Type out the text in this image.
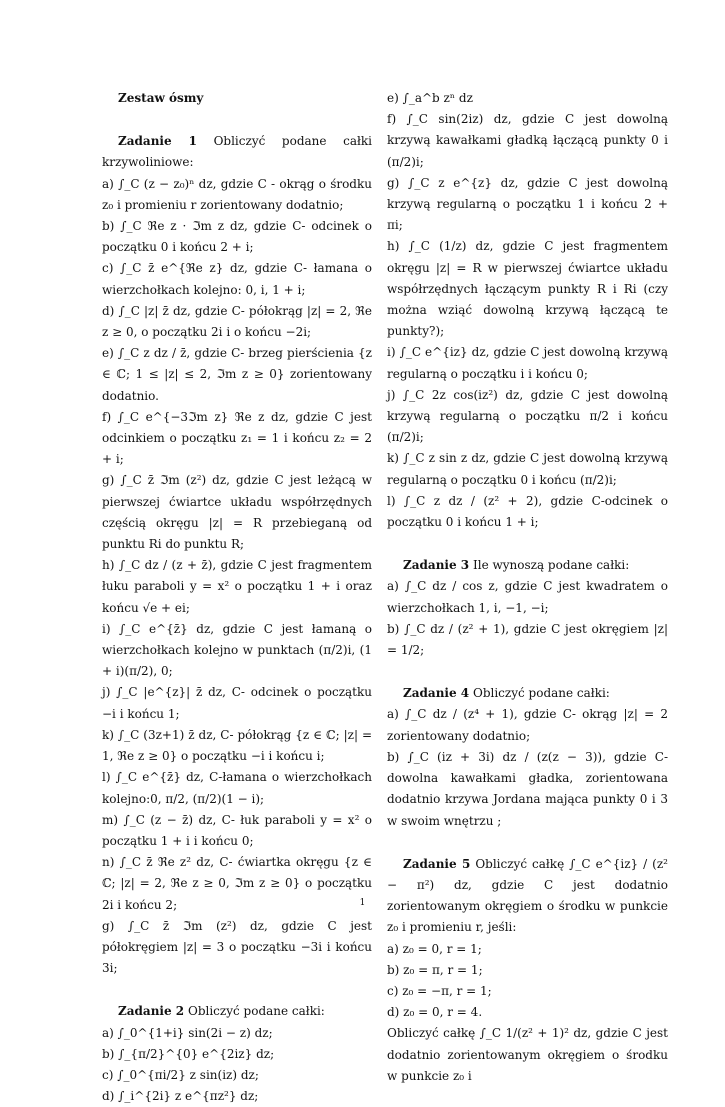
Zestaw ósmy

Zadanie 1 Obliczyć podane całki krzywoliniowe:

a) ∫_C (z − z₀)ⁿ dz, gdzie C - okrąg o środku z₀ i promieniu r zorientowany dodatnio;

b) ∫_C ℜe z · ℑm z dz, gdzie C- odcinek o początku 0 i końcu 2 + i;

c) ∫_C z̄ e^{ℜe z} dz, gdzie C- łamana o wierzchołkach kolejno: 0, i, 1 + i;

d) ∫_C |z| z̄ dz, gdzie C- półokrąg |z| = 2, ℜe z ≥ 0, o początku 2i i o końcu −2i;

e) ∫_C z dz / z̄, gdzie C- brzeg pierścienia {z ∈ ℂ; 1 ≤ |z| ≤ 2, ℑm z ≥ 0} zorientowany dodatnio.

f) ∫_C e^{−3ℑm z} ℜe z dz, gdzie C jest odcinkiem o początku z₁ = 1 i końcu z₂ = 2 + i;

g) ∫_C z̄ ℑm (z²) dz, gdzie C jest leżącą w pierwszej ćwiartce układu współrzędnych częścią okręgu |z| = R przebieganą od punktu Ri do punktu R;

h) ∫_C dz / (z + z̄), gdzie C jest fragmentem łuku paraboli y = x² o początku 1 + i oraz końcu √e + ei;

i) ∫_C e^{z̄} dz, gdzie C jest łamaną o wierzchołkach kolejno w punktach (π/2)i, (1 + i)(π/2), 0;

j) ∫_C |e^{z}| z̄ dz, C- odcinek o początku −i i końcu 1;

k) ∫_C (3z+1) z̄ dz, C- półokrąg {z ∈ ℂ; |z| = 1, ℜe z ≥ 0} o początku −i i końcu i;

l) ∫_C e^{z̄} dz, C-łamana o wierzchołkach kolejno:0, π/2, (π/2)(1 − i);

m) ∫_C (z − z̄) dz, C- łuk paraboli y = x² o początku 1 + i i końcu 0;

n) ∫_C z̄ ℜe z² dz, C- ćwiartka okręgu {z ∈ ℂ; |z| = 2, ℜe z ≥ 0, ℑm z ≥ 0} o początku 2i i końcu 2;

g) ∫_C z̄ ℑm (z²) dz, gdzie C jest półokręgiem |z| = 3 o początku −3i i końcu 3i;

Zadanie 2 Obliczyć podane całki:

a) ∫_0^{1+i} sin(2i − z) dz;

b) ∫_{π/2}^{0} e^{2iz} dz;

c) ∫_0^{πi/2} z sin(iz) dz;

d) ∫_i^{2i} z e^{πz²} dz;

e) ∫_a^b zⁿ dz

f) ∫_C sin(2iz) dz, gdzie C jest dowolną krzywą kawałkami gładką łączącą punkty 0 i (π/2)i;

g) ∫_C z e^{z} dz, gdzie C jest dowolną krzywą regularną o początku 1 i końcu 2 + πi;

h) ∫_C (1/z) dz, gdzie C jest fragmentem okręgu |z| = R w pierwszej ćwiartce układu współrzędnych łączącym punkty R i Ri (czy można wziąć dowolną krzywą łączącą te punkty?);

i) ∫_C e^{iz} dz, gdzie C jest dowolną krzywą regularną o początku i i końcu 0;

j) ∫_C 2z cos(iz²) dz, gdzie C jest dowolną krzywą regularną o początku π/2 i końcu (π/2)i;

k) ∫_C z sin z dz, gdzie C jest dowolną krzywą regularną o początku 0 i końcu (π/2)i;

l) ∫_C z dz / (z² + 2), gdzie C-odcinek o początku 0 i końcu 1 + i;

Zadanie 3 Ile wynoszą podane całki:

a) ∫_C dz / cos z, gdzie C jest kwadratem o wierzchołkach 1, i, −1, −i;

b) ∫_C dz / (z² + 1), gdzie C jest okręgiem |z| = 1/2;

Zadanie 4 Obliczyć podane całki:

a) ∫_C dz / (z⁴ + 1), gdzie C- okrąg |z| = 2 zorientowany dodatnio;

b) ∫_C (iz + 3i) dz / (z(z − 3)), gdzie C- dowolna kawałkami gładka, zorientowana dodatnio krzywa Jordana mająca punkty 0 i 3 w swoim wnętrzu ;

Zadanie 5 Obliczyć całkę ∫_C e^{iz} / (z² − π²) dz, gdzie C jest dodatnio zorientowanym okręgiem o środku w punkcie z₀ i promieniu r, jeśli:

a) z₀ = 0, r = 1;

b) z₀ = π, r = 1;

c) z₀ = −π, r = 1;

d) z₀ = 0, r = 4.

Obliczyć całkę ∫_C 1/(z² + 1)² dz, gdzie C jest dodatnio zorientowanym okręgiem o środku w punkcie z₀ i

1
